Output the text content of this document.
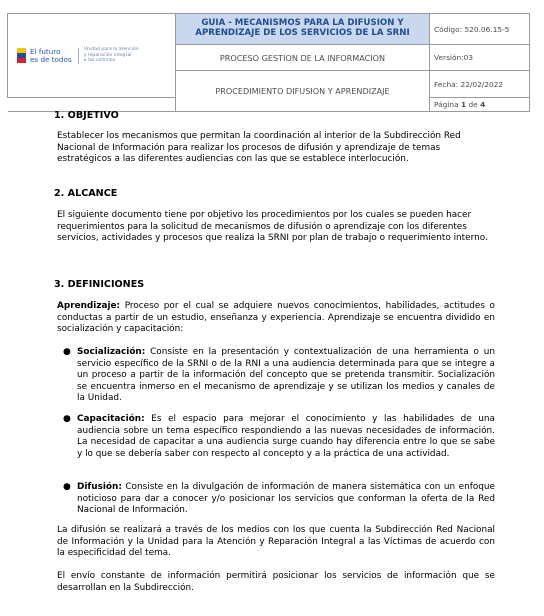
El futuro
es de todos
Unidad para la atención
y reparación integral
a las víctimas	GUIA - MECANISMOS PARA LA DIFUSION Y APRENDIZAJE DE LOS SERVICIOS DE LA SRNI	Código: 520.06.15-5
	PROCESO GESTION DE LA INFORMACION	Versión:03
	PROCEDIMIENTO DIFUSION Y APRENDIZAJE	Fecha: 22/02/2022
		Página 1 de 4
1. OBJETIVO

Establecer los mecanismos que permitan la coordinación al interior de la Subdirección Red Nacional de Información para realizar los procesos de difusión y aprendizaje de temas estratégicos a las diferentes audiencias con las que se establece interlocución.

2. ALCANCE

El siguiente documento tiene por objetivo los procedimientos por los cuales se pueden hacer requerimientos para la solicitud de mecanismos de difusión o aprendizaje con los diferentes servicios, actividades y procesos que realiza la SRNI por plan de trabajo o requerimiento interno.

3. DEFINICIONES

Aprendizaje: Proceso por el cual se adquiere nuevos conocimientos, habilidades, actitudes o conductas a partir de un estudio, enseñanza y experiencia. Aprendizaje se encuentra dividido en socialización y capacitación:

● Socialización: Consiste en la presentación y contextualización de una herramienta o un servicio específico de la SRNI o de la RNI a una audiencia determinada para que se integre a un proceso a partir de la información del concepto que se pretenda transmitir. Socialización se encuentra inmerso en el mecanismo de aprendizaje y se utilizan los medios y canales de la Unidad.
● Capacitación: Es el espacio para mejorar el conocimiento y las habilidades de una audiencia sobre un tema específico respondiendo a las nuevas necesidades de información. La necesidad de capacitar a una audiencia surge cuando hay diferencia entre lo que se sabe y lo que se debería saber con respecto al concepto y a la práctica de una actividad.
● Difusión: Consiste en la divulgación de información de manera sistemática con un enfoque noticioso para dar a conocer y/o posicionar los servicios que conforman la oferta de la Red Nacional de Información.

La difusión se realizará a través de los medios con los que cuenta la Subdirección Red Nacional de Información y la Unidad para la Atención y Reparación Integral a las Víctimas de acuerdo con la especificidad del tema.

El envío constante de información permitirá posicionar los servicios de información que se desarrollan en la Subdirección.
